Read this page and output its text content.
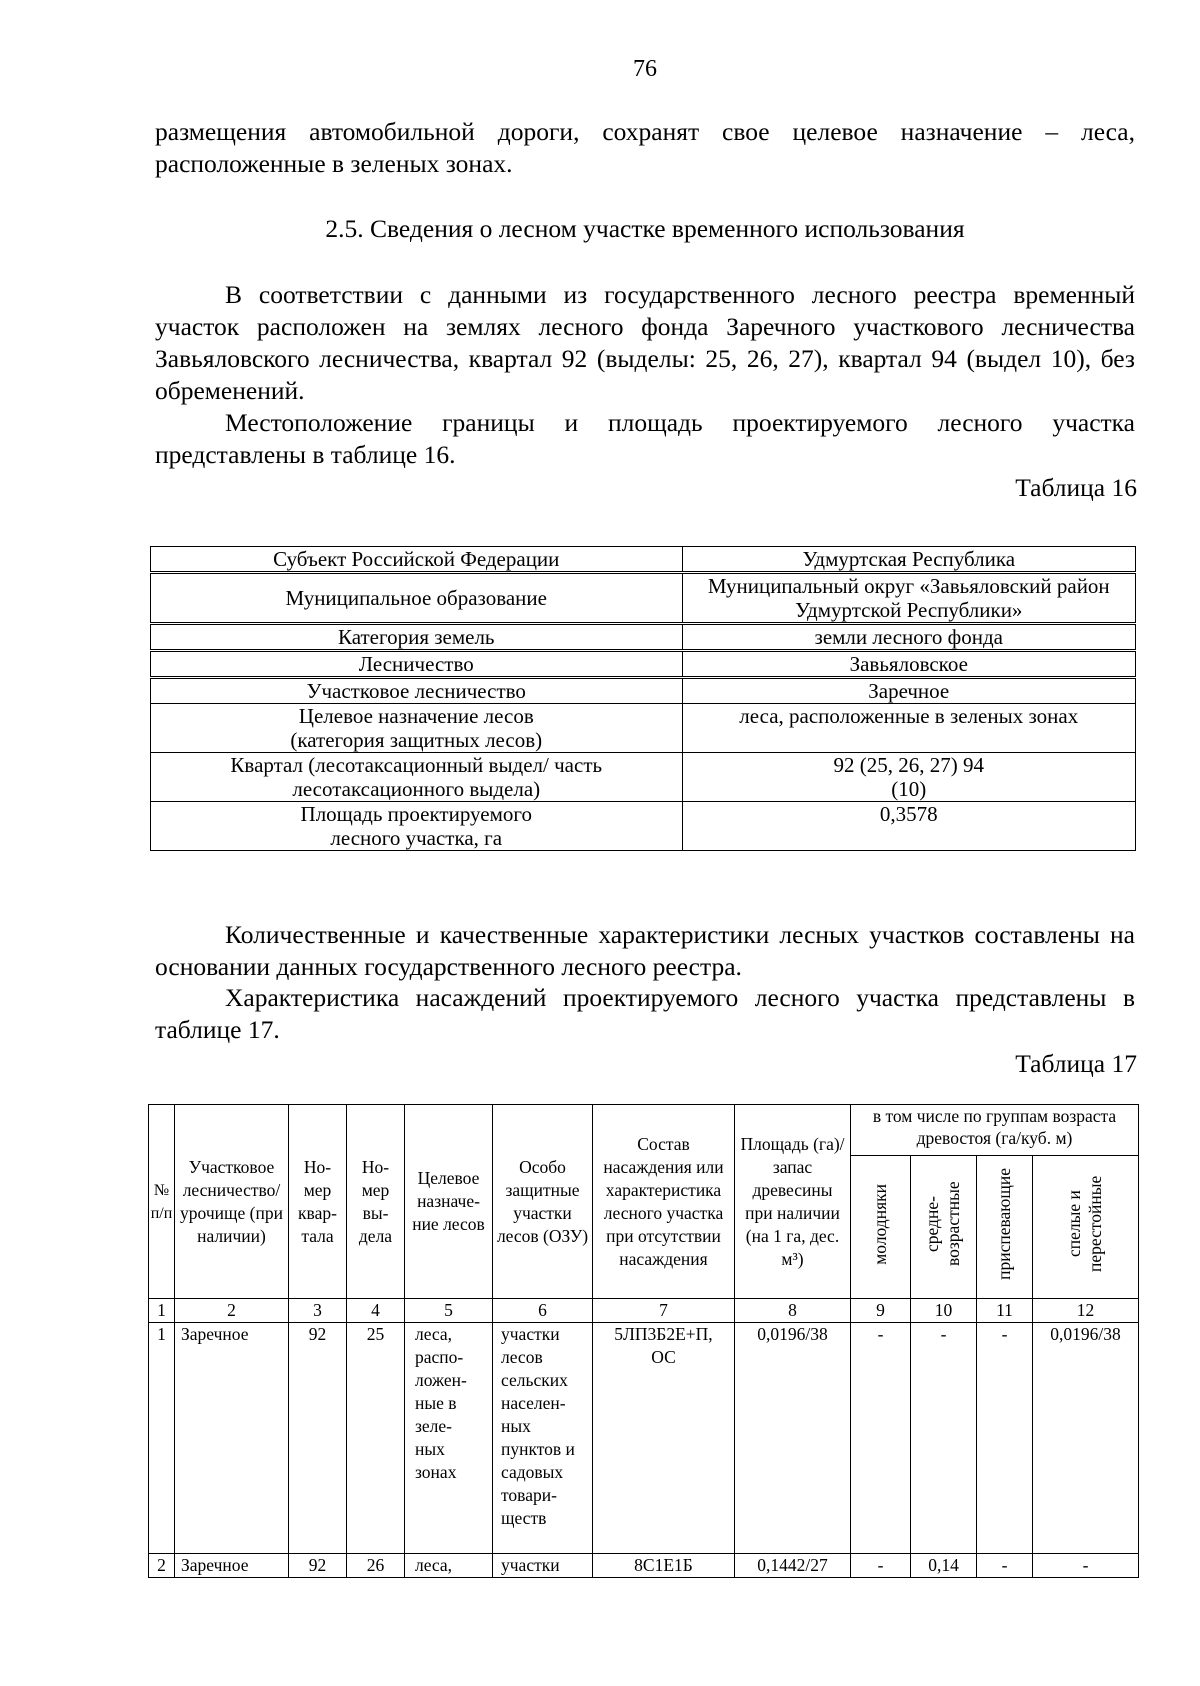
76

размещения автомобильной дороги, сохранят свое целевое назначение – леса, расположенные в зеленых зонах.

2.5. Сведения о лесном участке временного использования

В соответствии с данными из государственного лесного реестра временный участок расположен на землях лесного фонда Заречного участкового лесничества Завьяловского лесничества, квартал 92 (выделы: 25, 26, 27), квартал 94 (выдел 10), без обременений.

Местоположение границы и площадь проектируемого лесного участка представлены в таблице 16.

Таблица 16
Субъект Российской Федерации	Удмуртская Республика
Муниципальное образование	Муниципальный округ «Завьяловский район Удмуртской Республики»
Категория земель	земли лесного фонда
Лесничество	Завьяловское
Участковое лесничество	Заречное
Целевое назначение лесов (категория защитных лесов)	леса, расположенные в зеленых зонах
Квартал (лесотаксационный выдел/ часть лесотаксационного выдела)	92 (25, 26, 27) 94 (10)
Площадь проектируемого лесного участка, га	0,3578

Количественные и качественные характеристики лесных участков составлены на основании данных государственного лесного реестра.

Характеристика насаждений проектируемого лесного участка представлены в таблице 17.

Таблица 17
№ п/п	Участковое лесничество/ урочище (при наличии)	Но-мер квар-тала	Но-мер вы-дела	Целевое назначе-ние лесов	Особо защитные участки лесов (ОЗУ)	Состав насаждения или характеристика лесного участка при отсутствии насаждения	Площадь (га)/запас древесины при наличии (на 1 га, дес. м³)	в том числе по группам возраста древостоя (га/куб. м)			
								молодняки	средне-возрастные	приспевающие	спелые и перестойные
1	2	3	4	5	6	7	8	9	10	11	12
1	Заречное	92	25	леса, распо-ложен-ные в зеле-ных зонах	участки лесов сельских населен-ных пунктов и садовых товари-ществ	5ЛП3Б2Е+П, ОС	0,0196/38	-	-	-	0,0196/38
2	Заречное	92	26	леса,	участки	8С1Е1Б	0,1442/27	-	0,14	-	-
